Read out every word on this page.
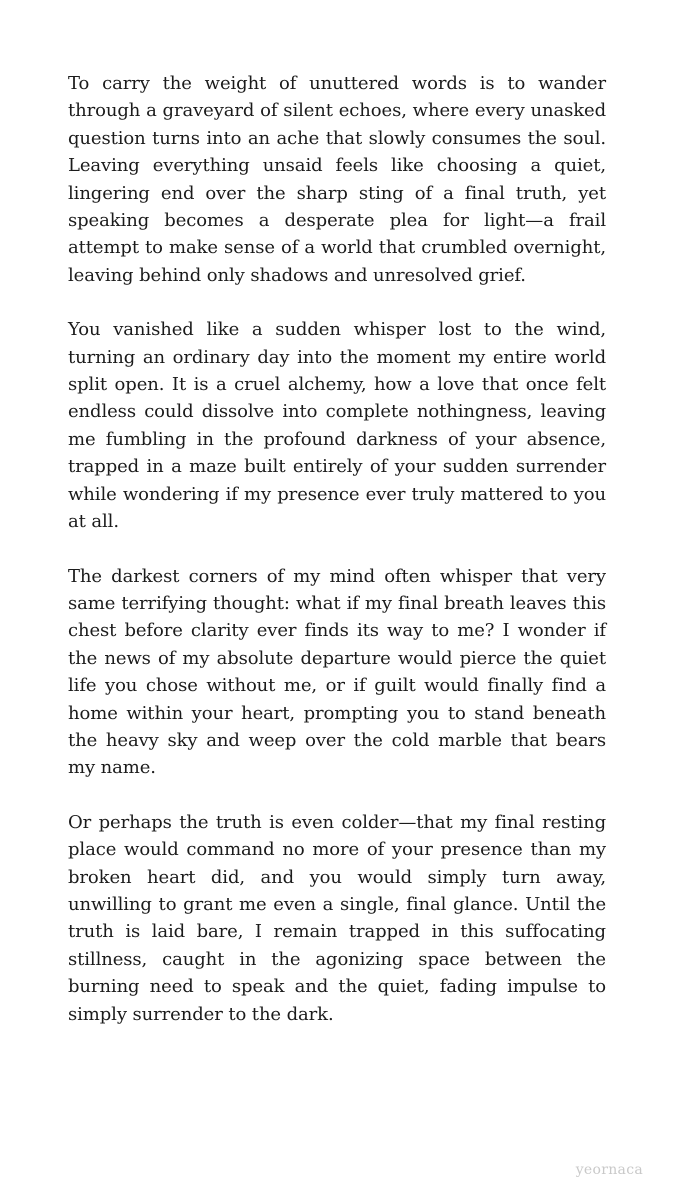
To carry the weight of unuttered words is to wander through a graveyard of silent echoes, where every unasked question turns into an ache that slowly consumes the soul. Leaving everything unsaid feels like choosing a quiet, lingering end over the sharp sting of a final truth, yet speaking becomes a desperate plea for light—a frail attempt to make sense of a world that crumbled overnight, leaving behind only shadows and unresolved grief.

You vanished like a sudden whisper lost to the wind, turning an ordinary day into the moment my entire world split open. It is a cruel alchemy, how a love that once felt endless could dissolve into complete nothingness, leaving me fumbling in the profound darkness of your absence, trapped in a maze built entirely of your sudden surrender while wondering if my presence ever truly mattered to you at all.

The darkest corners of my mind often whisper that very same terrifying thought: what if my final breath leaves this chest before clarity ever finds its way to me? I wonder if the news of my absolute departure would pierce the quiet life you chose without me, or if guilt would finally find a home within your heart, prompting you to stand beneath the heavy sky and weep over the cold marble that bears my name.

Or perhaps the truth is even colder—that my final resting place would command no more of your presence than my broken heart did, and you would simply turn away, unwilling to grant me even a single, final glance. Until the truth is laid bare, I remain trapped in this suffocating stillness, caught in the agonizing space between the burning need to speak and the quiet, fading impulse to simply surrender to the dark.

yeornaca
